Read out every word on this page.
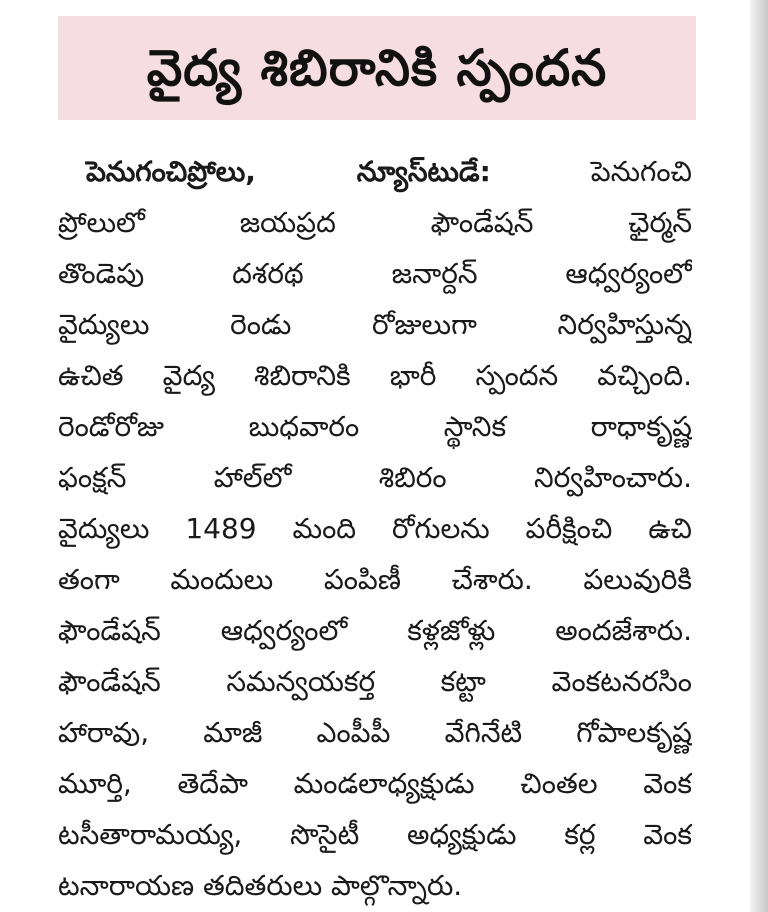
వైద్య శిబిరానికి స్పందన
పెనుగంచిప్రోలు, న్యూస్‌టుడే:	పెనుగంచి
ప్రోలులో జయప్రద ఫౌండేషన్ ఛైర్మన్
తొండెపు దశరథ జనార్దన్ ఆధ్వర్యంలో
వైద్యులు రెండు రోజులుగా నిర్వహిస్తున్న
ఉచిత వైద్య శిబిరానికి భారీ స్పందన వచ్చింది.
రెండోరోజు బుధవారం స్థానిక రాధాకృష్ణ
ఫంక్షన్ హాల్‌లో శిబిరం నిర్వహించారు.
వైద్యులు 1489 మంది రోగులను పరీక్షించి ఉచి
తంగా మందులు పంపిణీ చేశారు. పలువురికి
ఫౌండేషన్ ఆధ్వర్యంలో కళ్లజోళ్లు అందజేశారు.
ఫౌండేషన్ సమన్వయకర్త కట్టా వెంకటనరసిం
హారావు, మాజీ ఎంపీపీ వేగినేటి గోపాలకృష్ణ
మూర్తి, తెదేపా మండలాధ్యక్షుడు చింతల వెంక
టసీతారామయ్య, సొసైటీ అధ్యక్షుడు కర్ల వెంక
టనారాయణ తదితరులు పాల్గొన్నారు.
